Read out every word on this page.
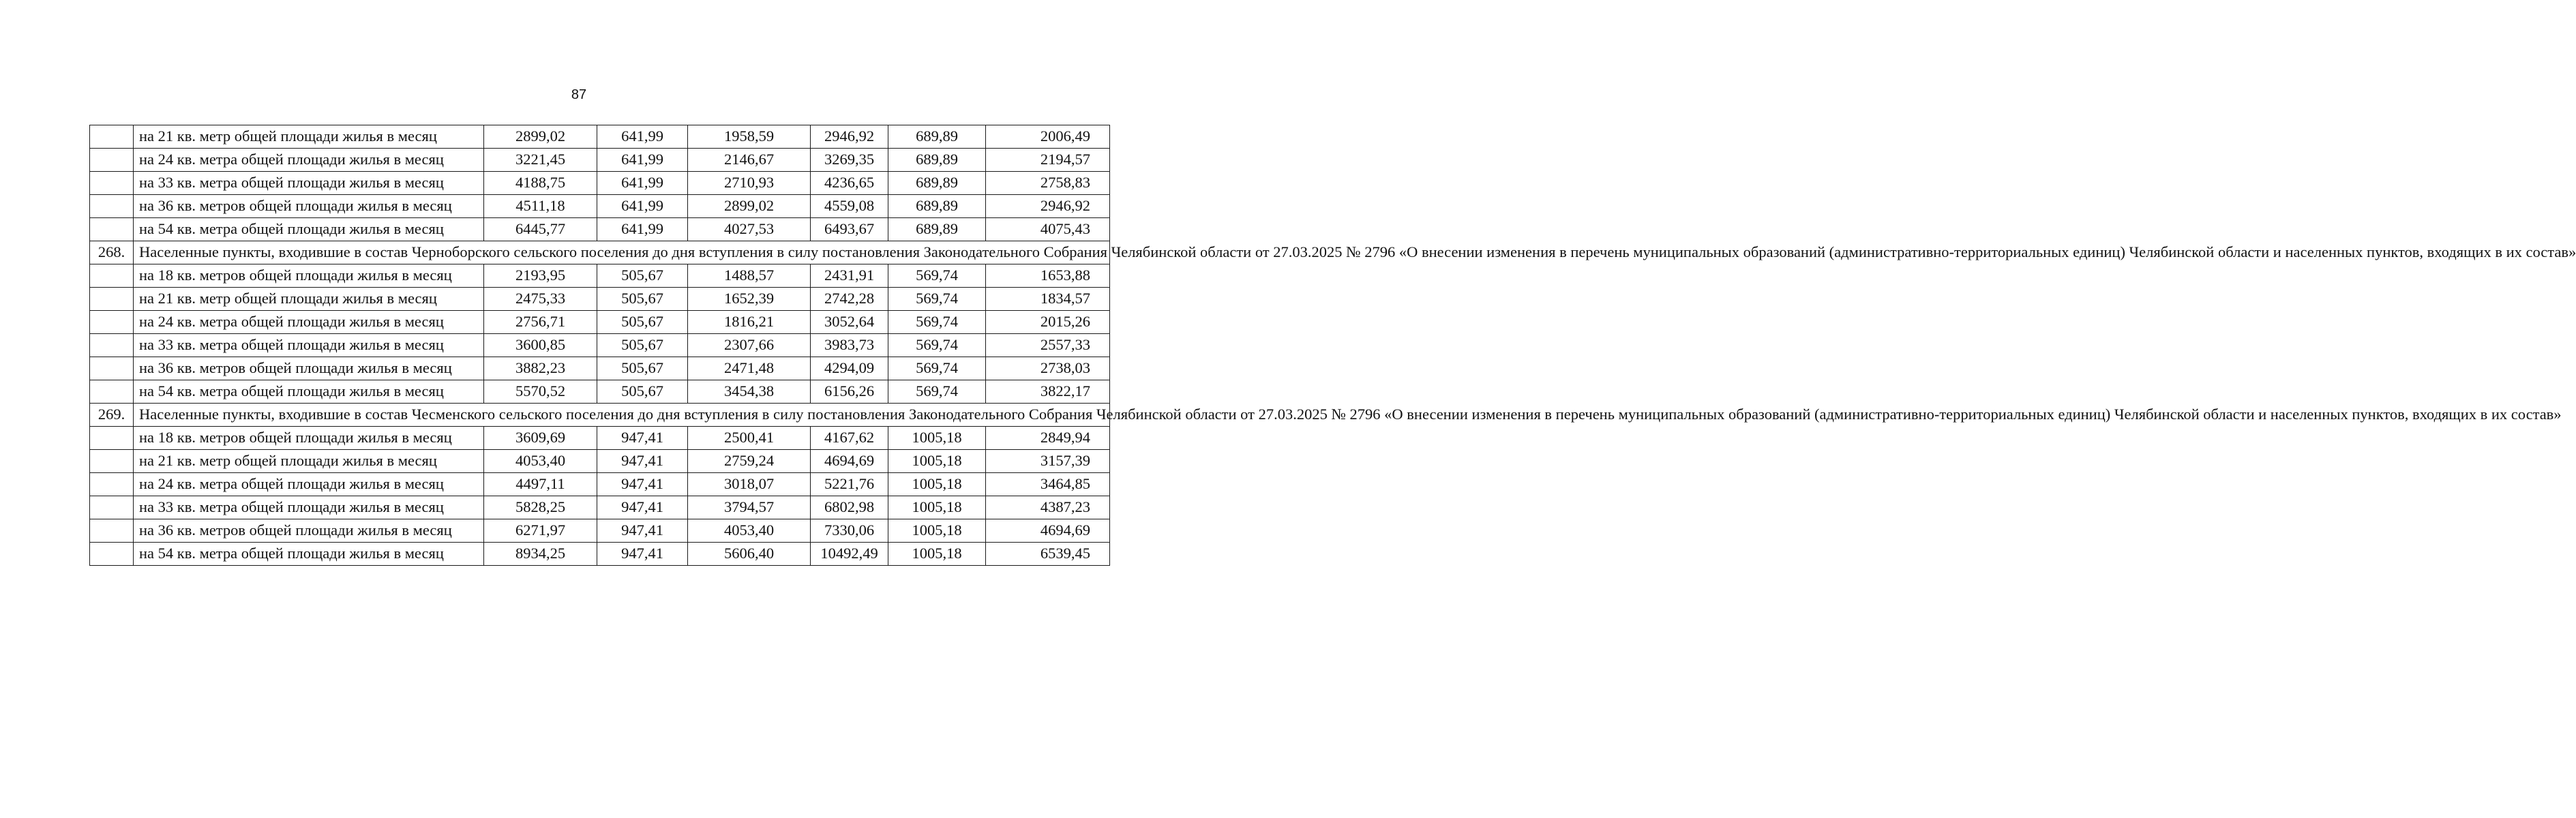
87
	на 21 кв. метр общей площади жилья в месяц	2899,02	641,99	1958,59	2946,92	689,89	2006,49
	на 24 кв. метра общей площади жилья в месяц	3221,45	641,99	2146,67	3269,35	689,89	2194,57
	на 33 кв. метра общей площади жилья в месяц	4188,75	641,99	2710,93	4236,65	689,89	2758,83
	на 36 кв. метров общей площади жилья в месяц	4511,18	641,99	2899,02	4559,08	689,89	2946,92
	на 54 кв. метра общей площади жилья в месяц	6445,77	641,99	4027,53	6493,67	689,89	4075,43
268.	Населенные пункты, входившие в состав Черноборского сельского поселения до дня вступления в силу постановления Законодательного Собрания Челябинской области от 27.03.2025 № 2796 «О внесении изменения в перечень муниципальных образований (административно-территориальных единиц) Челябинской области и населенных пунктов, входящих в их состав»						
	на 18 кв. метров общей площади жилья в месяц	2193,95	505,67	1488,57	2431,91	569,74	1653,88
	на 21 кв. метр общей площади жилья в месяц	2475,33	505,67	1652,39	2742,28	569,74	1834,57
	на 24 кв. метра общей площади жилья в месяц	2756,71	505,67	1816,21	3052,64	569,74	2015,26
	на 33 кв. метра общей площади жилья в месяц	3600,85	505,67	2307,66	3983,73	569,74	2557,33
	на 36 кв. метров общей площади жилья в месяц	3882,23	505,67	2471,48	4294,09	569,74	2738,03
	на 54 кв. метра общей площади жилья в месяц	5570,52	505,67	3454,38	6156,26	569,74	3822,17
269.	Населенные пункты, входившие в состав Чесменского сельского поселения до дня вступления в силу постановления Законодательного Собрания Челябинской области от 27.03.2025 № 2796 «О внесении изменения в перечень муниципальных образований (административно-территориальных единиц) Челябинской области и населенных пунктов, входящих в их состав»						
	на 18 кв. метров общей площади жилья в месяц	3609,69	947,41	2500,41	4167,62	1005,18	2849,94
	на 21 кв. метр общей площади жилья в месяц	4053,40	947,41	2759,24	4694,69	1005,18	3157,39
	на 24 кв. метра общей площади жилья в месяц	4497,11	947,41	3018,07	5221,76	1005,18	3464,85
	на 33 кв. метра общей площади жилья в месяц	5828,25	947,41	3794,57	6802,98	1005,18	4387,23
	на 36 кв. метров общей площади жилья в месяц	6271,97	947,41	4053,40	7330,06	1005,18	4694,69
	на 54 кв. метра общей площади жилья в месяц	8934,25	947,41	5606,40	10492,49	1005,18	6539,45
